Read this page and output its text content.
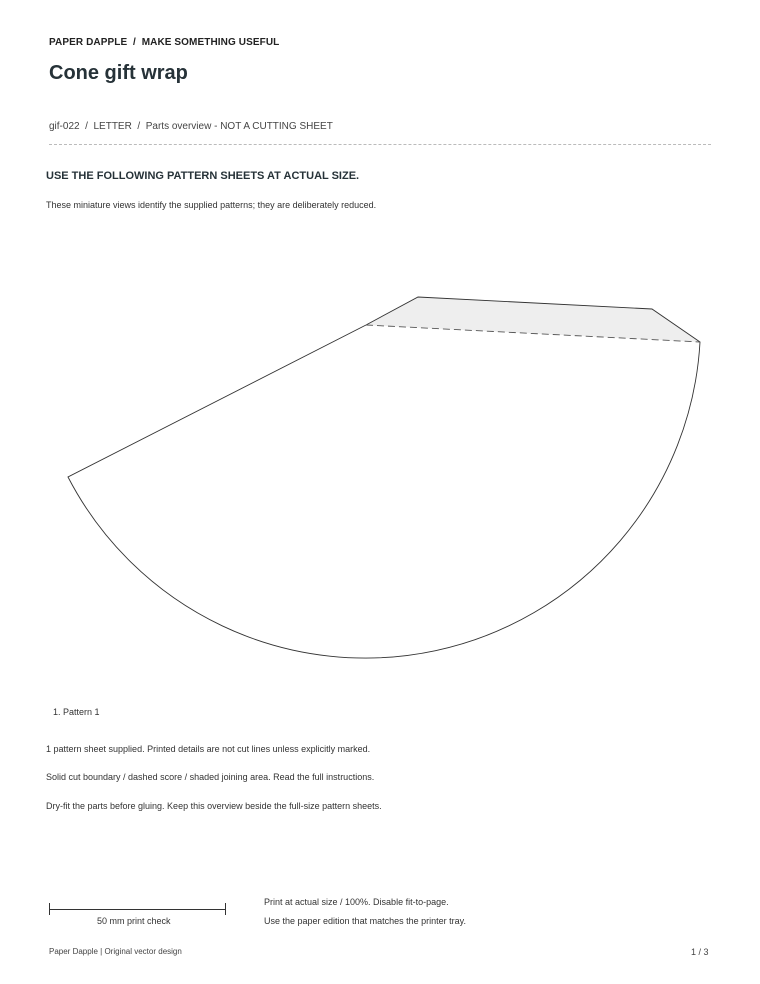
PAPER DAPPLE / MAKE SOMETHING USEFUL
Cone gift wrap
gif-022  /  LETTER  /  Parts overview - NOT A CUTTING SHEET
USE THE FOLLOWING PATTERN SHEETS AT ACTUAL SIZE.
These miniature views identify the supplied patterns; they are deliberately reduced.
1. Pattern 1
1 pattern sheet supplied. Printed details are not cut lines unless explicitly marked.
Solid cut boundary / dashed score / shaded joining area. Read the full instructions.
Dry-fit the parts before gluing. Keep this overview beside the full-size pattern sheets.
50 mm print check
Print at actual size / 100%. Disable fit-to-page.
Use the paper edition that matches the printer tray.
Paper Dapple | Original vector design	1 / 3
